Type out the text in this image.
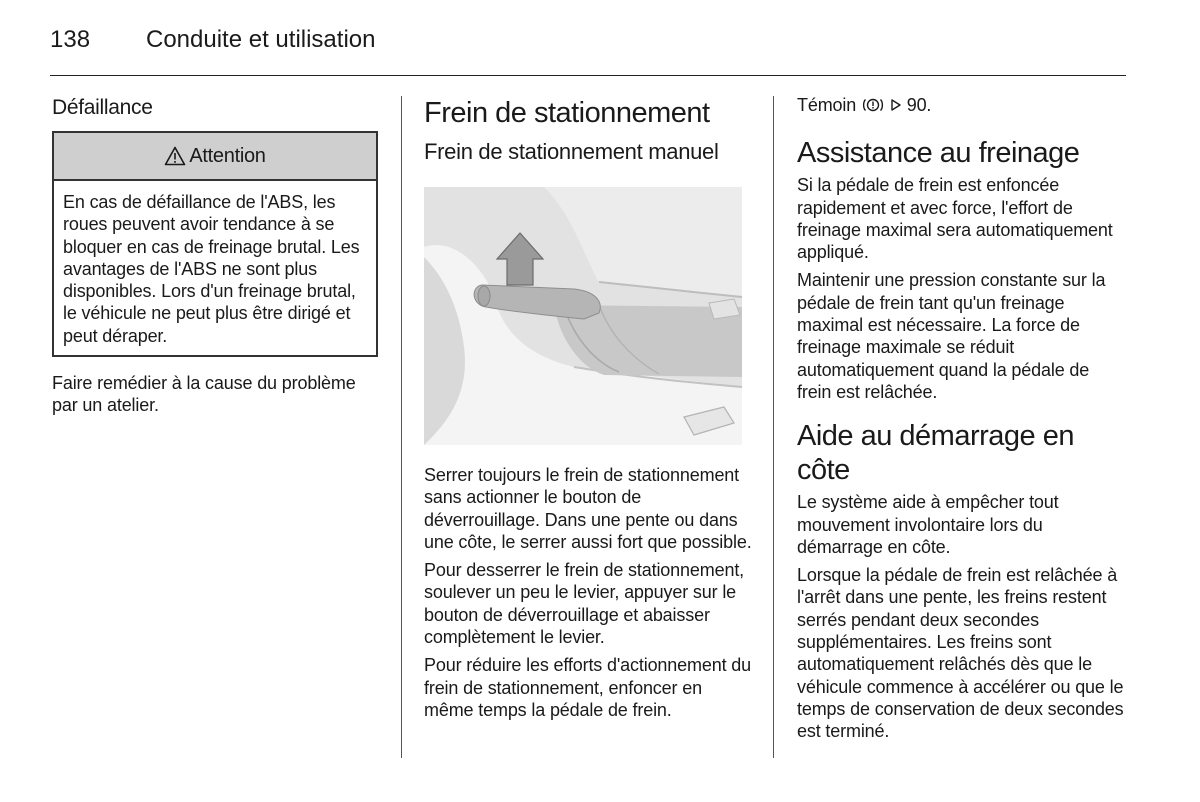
138 Conduite et utilisation
Défaillance
Attention

En cas de défaillance de l'ABS, les roues peuvent avoir tendance à se bloquer en cas de freinage brutal. Les avantages de l'ABS ne sont plus disponibles. Lors d'un freinage brutal, le véhicule ne peut plus être dirigé et peut déraper.

Faire remédier à la cause du problème par un atelier.

Frein de stationnement
Frein de stationnement manuel

Serrer toujours le frein de stationnement sans actionner le bouton de déverrouillage. Dans une pente ou dans une côte, le serrer aussi fort que possible.

Pour desserrer le frein de stationnement, soulever un peu le levier, appuyer sur le bouton de déverrouillage et abaisser complètement le levier.

Pour réduire les efforts d'actionnement du frein de stationnement, enfoncer en même temps la pédale de frein.

Témoin	90.

Assistance au freinage

Si la pédale de frein est enfoncée rapidement et avec force, l'effort de freinage maximal sera automatiquement appliqué.

Maintenir une pression constante sur la pédale de frein tant qu'un freinage maximal est nécessaire. La force de freinage maximale se réduit automatiquement quand la pédale de frein est relâchée.

Aide au démarrage en côte

Le système aide à empêcher tout mouvement involontaire lors du démarrage en côte.

Lorsque la pédale de frein est relâchée à l'arrêt dans une pente, les freins restent serrés pendant deux secondes supplémentaires. Les freins sont automatiquement relâchés dès que le véhicule commence à accélérer ou que le temps de conservation de deux secondes est terminé.
